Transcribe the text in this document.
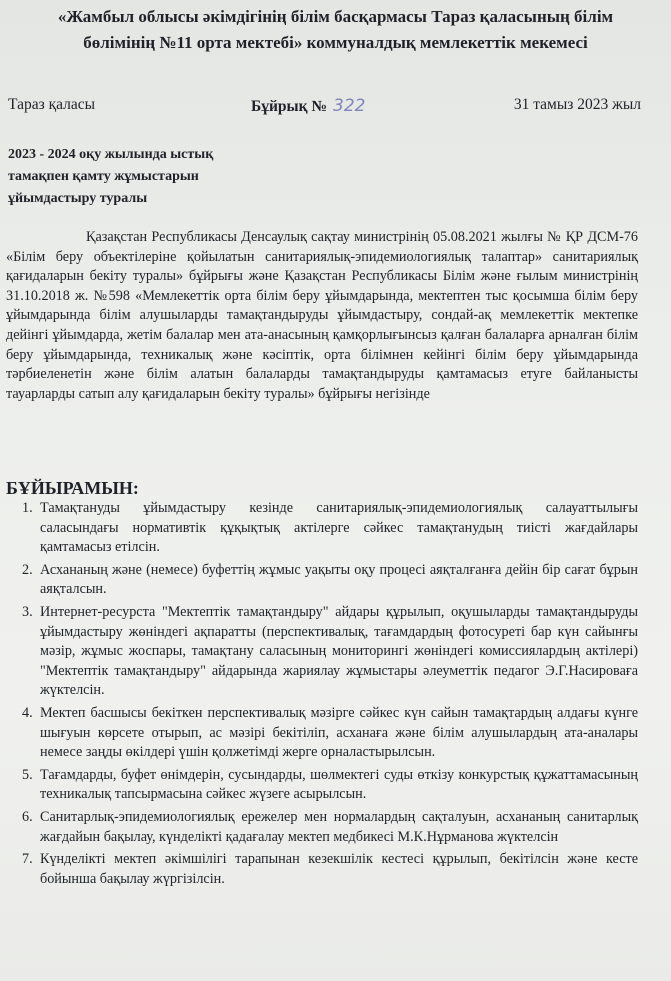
«Жамбыл облысы әкімдігінің білім басқармасы Тараз қаласының білім
бөлімінің №11 орта мектебі» коммуналдық мемлекеттік мекемесі
Тараз қаласы	Бұйрық № 322	31 тамыз 2023 жыл
2023 - 2024 оқу жылында ыстық
тамақпен қамту жұмыстарын
ұйымдастыру туралы

Қазақстан Республикасы Денсаулық сақтау министрінің 05.08.2021 жылғы № ҚР ДСМ-76 «Білім беру объектілеріне қойылатын санитариялық-эпидемиологиялық талаптар» санитариялық қағидаларын бекіту туралы» бұйрығы және Қазақстан Республикасы Білім және ғылым министрінің 31.10.2018 ж. №598 «Мемлекеттік орта білім беру ұйымдарында, мектептен тыс қосымша білім беру ұйымдарында білім алушыларды тамақтандыруды ұйымдастыру, сондай-ақ мемлекеттік мектепке дейінгі ұйымдарда, жетім балалар мен ата-анасының қамқорлығынсыз қалған балаларға арналған білім беру ұйымдарында, техникалық және кәсіптік, орта білімнен кейінгі білім беру ұйымдарында тәрбиеленетін және білім алатын балаларды тамақтандыруды қамтамасыз етуге байланысты тауарларды сатып алу қағидаларын бекіту туралы» бұйрығы негізінде

БҰЙЫРАМЫН:
1. Тамақтануды ұйымдастыру кезінде санитариялық-эпидемиологиялық салауаттылығы саласындағы нормативтік құқықтық актілерге сәйкес тамақтанудың тиісті жағдайлары қамтамасыз етілсін.
2. Асхананың және (немесе) буфеттің жұмыс уақыты оқу процесі аяқталғанға дейін бір сағат бұрын аяқталсын.
3. Интернет-ресурста "Мектептік тамақтандыру" айдары құрылып, оқушыларды тамақтандыруды ұйымдастыру жөніндегі ақпаратты (перспективалық, тағамдардың фотосуреті бар күн сайынғы мәзір, жұмыс жоспары, тамақтану саласының мониторингі жөніндегі комиссиялардың актілері) "Мектептік тамақтандыру" айдарында жариялау жұмыстары әлеуметтік педагог Э.Г.Насироваға жүктелсін.
4. Мектеп басшысы бекіткен перспективалық мәзірге сәйкес күн сайын тамақтардың алдағы күнге шығуын көрсете отырып, ас мәзірі бекітіліп, асханаға және білім алушылардың ата-аналары немесе заңды өкілдері үшін қолжетімді жерге орналастырылсын.
5. Тағамдарды, буфет өнімдерін, сусындарды, шөлмектегі суды өткізу конкурстық құжаттамасының техникалық тапсырмасына сәйкес жүзеге асырылсын.
6. Санитарлық-эпидемиологиялық ережелер мен нормалардың сақталуын, асхананың санитарлық жағдайын бақылау, күнделікті қадағалау мектеп медбикесі М.К.Нұрманова жүктелсін
7. Күнделікті мектеп әкімшілігі тарапынан кезекшілік кестесі құрылып, бекітілсін және кесте бойынша бақылау жүргізілсін.
